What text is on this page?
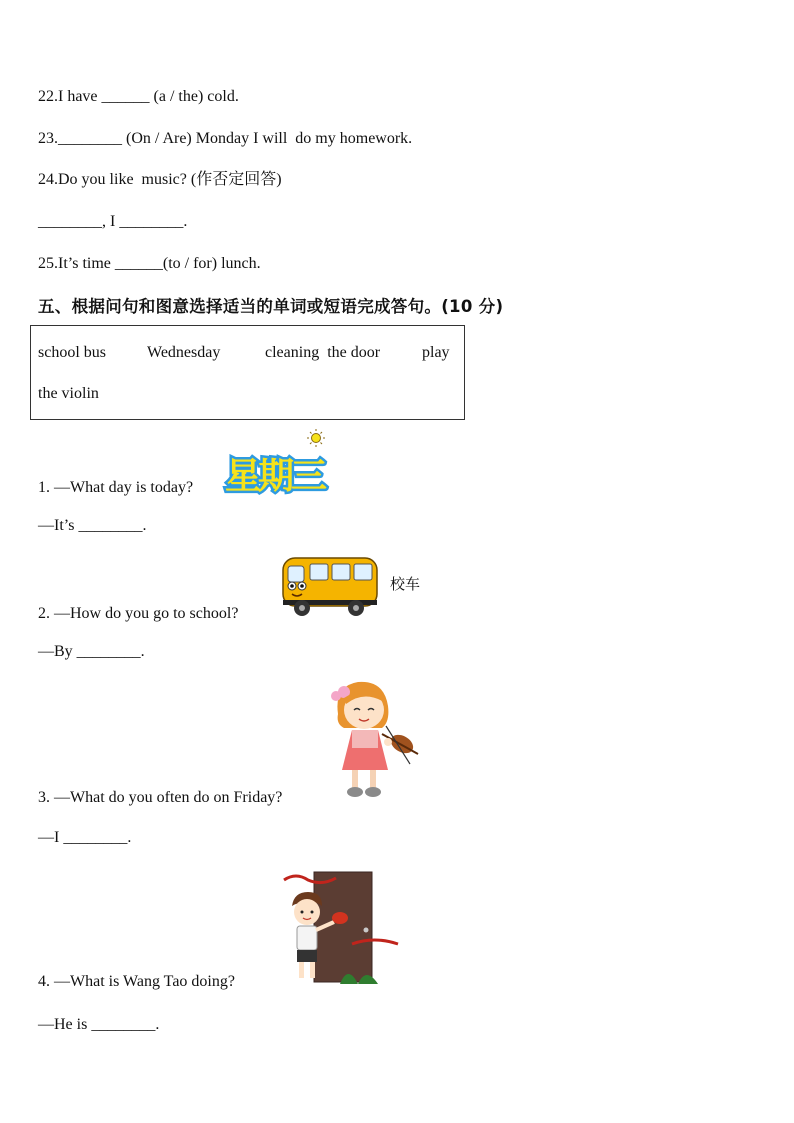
22.I have ______ (a / the) cold.
23.________ (On / Are) Monday I will  do my homework.
24.Do you like  music? (作否定回答)
________, I ________.
25.It’s time ______(to / for) lunch.
五、根据问句和图意选择适当的单词或短语完成答句。(10 分)
school bus	Wednesday	cleaning  the door	play
the violin
星期三
1. —What day is today?
—It’s ________.
校车
2. —How do you go to school?
—By ________.
3. —What do you often do on Friday?
—I ________.
4. —What is Wang Tao doing?
—He is ________.
